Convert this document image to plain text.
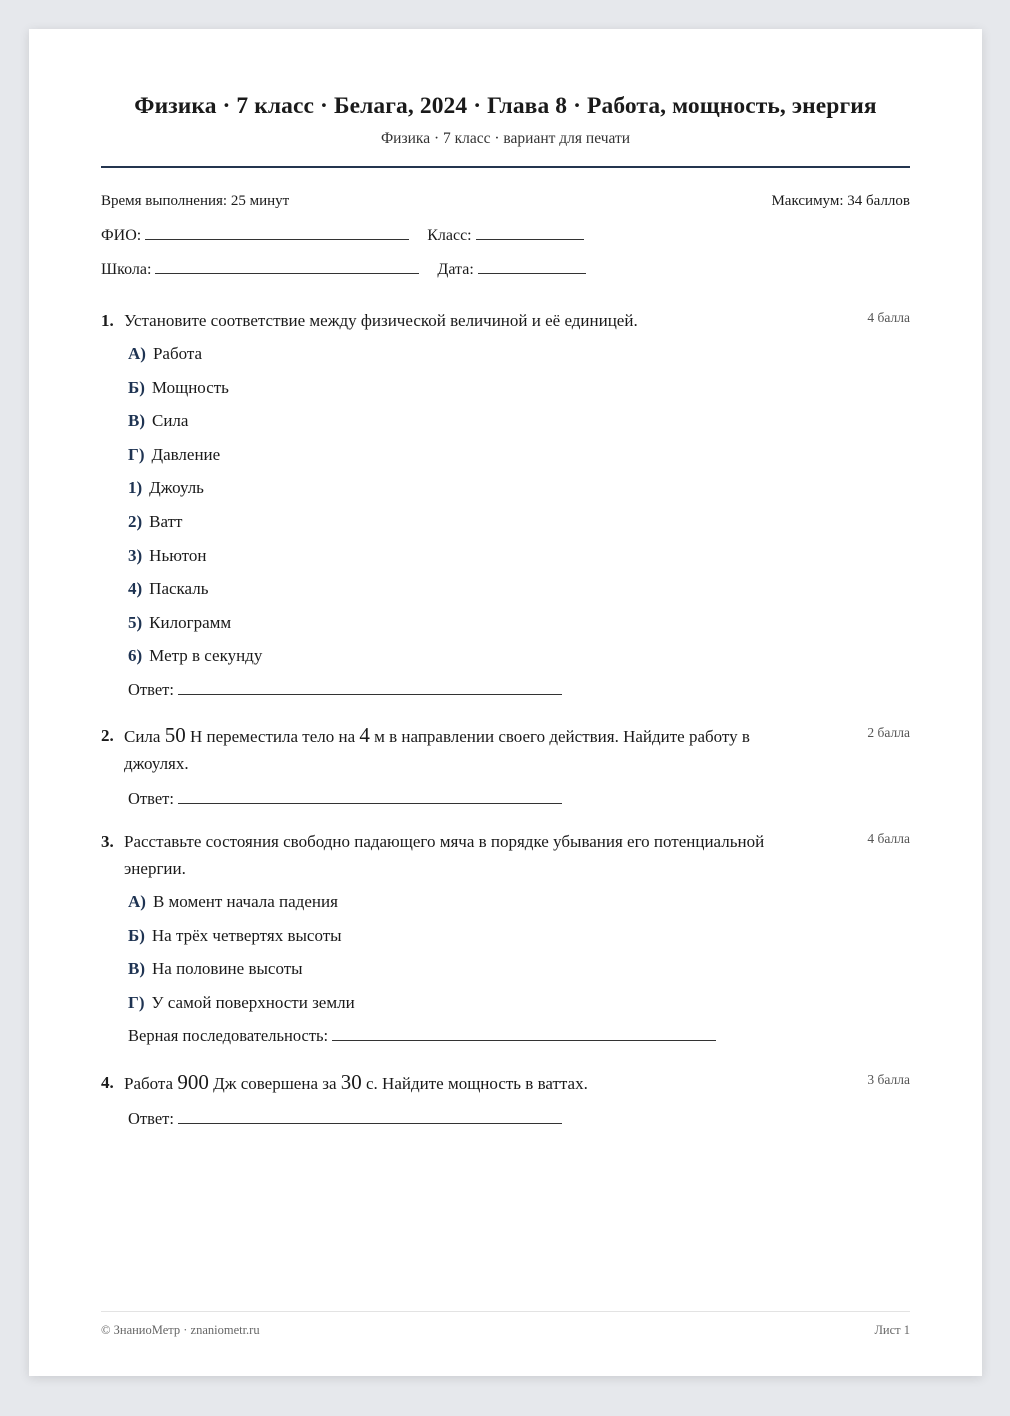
Физика · 7 класс · Белага, 2024 · Глава 8 · Работа, мощность, энергия
Физика · 7 класс · вариант для печати
Время выполнения: 25 минут	Максимум: 34 баллов
ФИО:	Класс:
Школа:	Дата:
1. Установите соответствие между физической величиной и её единицей.	4 балла
А) Работа
Б) Мощность
В) Сила
Г) Давление
1) Джоуль
2) Ватт
3) Ньютон
4) Паскаль
5) Килограмм
6) Метр в секунду
Ответ:
2. Сила 50 Н переместила тело на 4 м в направлении своего действия. Найдите работу в джоулях.
2 балла
Ответ:
3. Расставьте состояния свободно падающего мяча в порядке убывания его потенциальной энергии.
4 балла
А) В момент начала падения
Б) На трёх четвертях высоты
В) На половине высоты
Г) У самой поверхности земли
Верная последовательность:
4. Работа 900 Дж совершена за 30 с. Найдите мощность в ваттах.	3 балла
Ответ:
© ЗнаниоМетр · znaniometr.ru	Лист 1
